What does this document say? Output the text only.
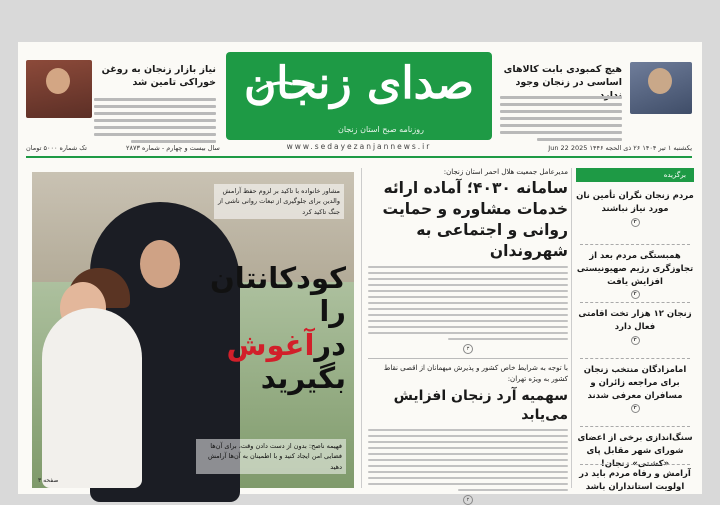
هیچ کمبودی بابت کالاهای اساسی در زنجان وجود
صدای زنجان
روزنامه صبح استان زنجان
www.sedayezanjannews.ir
نیاز بازار زنجان به روغن خوراکی تامین شد
یکشنبه ۱ تیر ۱۴۰۴ ۲۶ ذی الحجه ۱۴۴۶ Jun 22 2025
سال بیست و چهارم - شماره ۲۸۷۳
تک شماره ۵۰۰۰ تومان
برگزیده
مردم زنجان نگران تأمین نان مورد نیاز نباشند
۳
همبستگی مردم بعد از تجاوزگری رژیم صهیونیستی افزایش یافت
۲
زنجان ۱۲ هزار تخت اقامتی فعال دارد
۳
امامزادگان منتخب زنجان برای مراجعه زائران و مسافران معرفی شدند
۳
سنگ‌اندازی برخی از اعضای شورای شهر مقابل پای «کشتی» زنجان!
آرامش و رفاه مردم باید در اولویت استانداران باشد
مدیرعامل جمعیت هلال احمر استان زنجان:
سامانه ۴۰۳۰؛ آماده ارائه خدمات مشاوره و حمایت روانی و اجتماعی به شهروندان
۳
با توجه به شرایط خاص کشور و پذیرش میهمانان از اقصی نقاط کشور به ویژه تهران:
سهمیه آرد زنجان افزایش می‌یابد
۲
مشاور خانواده با تاکید بر لزوم حفظ آرامش والدین برای جلوگیری از تبعات روانی ناشی از جنگ تاکید کرد
کودکانتان را
درآغوش
بگیرید
فهیمه ناصح: بدون از دست دادن وقت، برای آن‌ها فضایی امن ایجاد کنید و با اطمینان به آن‌ها آرامش دهید
صفحه ۳
